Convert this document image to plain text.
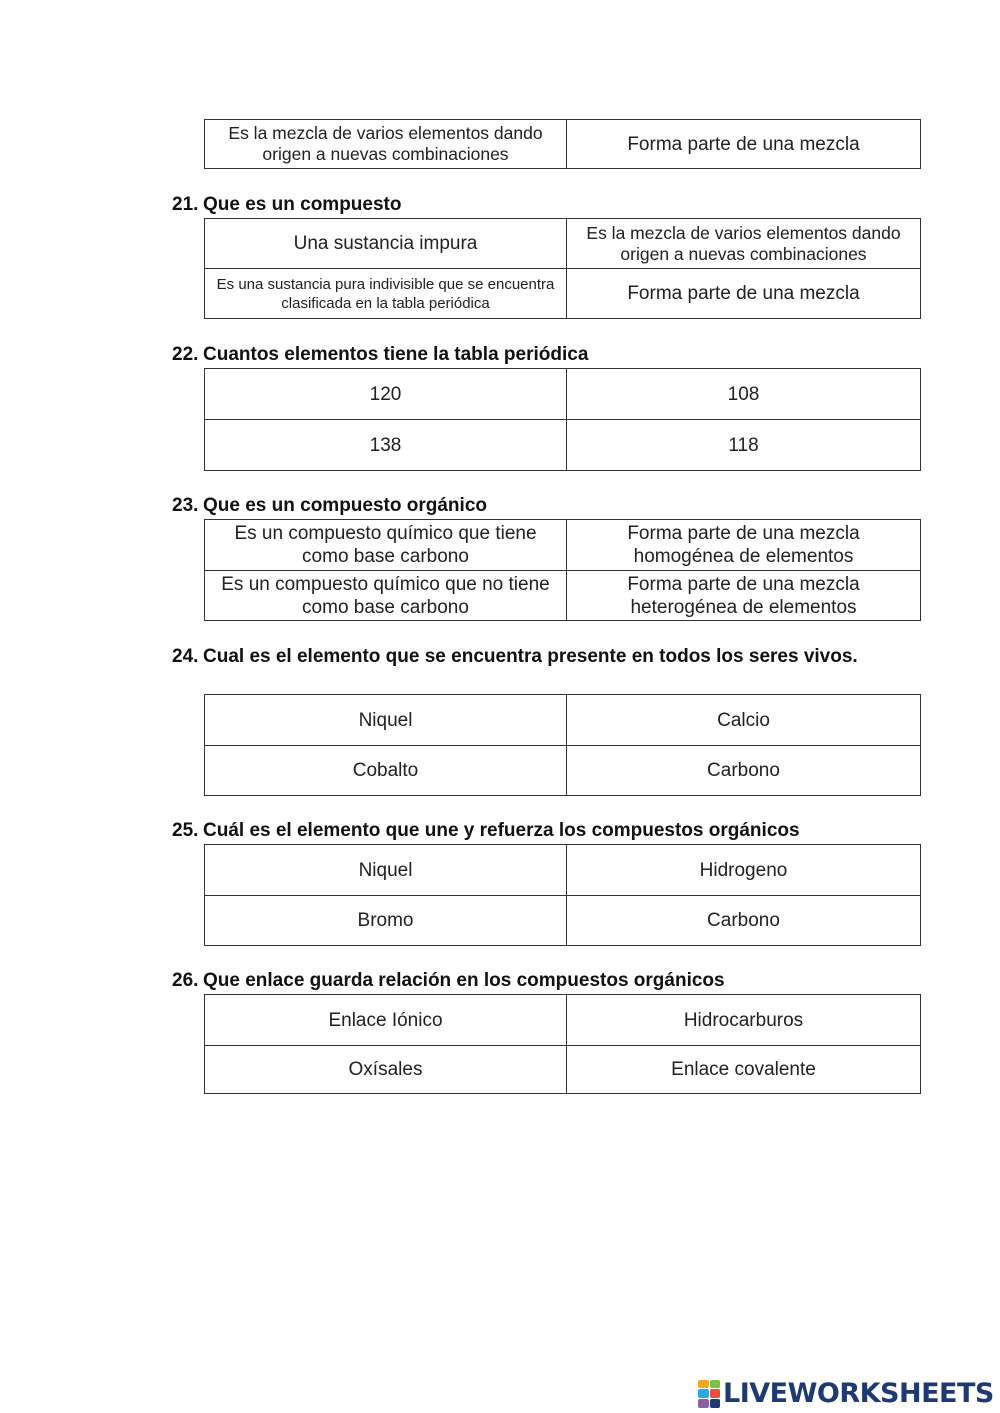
Es la mezcla de varios elementos dando origen a nuevas combinaciones	Forma parte de una mezcla
21. Que es un compuesto
Una sustancia impura	Es la mezcla de varios elementos dando origen a nuevas combinaciones
Es una sustancia pura indivisible que se encuentra clasificada en la tabla periódica	Forma parte de una mezcla
22. Cuantos elementos tiene la tabla periódica
120	108
138	118
23. Que es un compuesto orgánico
Es un compuesto químico que tiene como base carbono	Forma parte de una mezcla homogénea de elementos
Es un compuesto químico que no tiene como base carbono	Forma parte de una mezcla heterogénea de elementos
24. Cual es el elemento que se encuentra presente en todos los seres vivos.
Niquel	Calcio
Cobalto	Carbono
25. Cuál es el elemento que une y refuerza los compuestos orgánicos
Niquel	Hidrogeno
Bromo	Carbono
26. Que enlace guarda relación en los compuestos orgánicos
Enlace Iónico	Hidrocarburos
Oxísales	Enlace covalente
LIVEWORKSHEETS
